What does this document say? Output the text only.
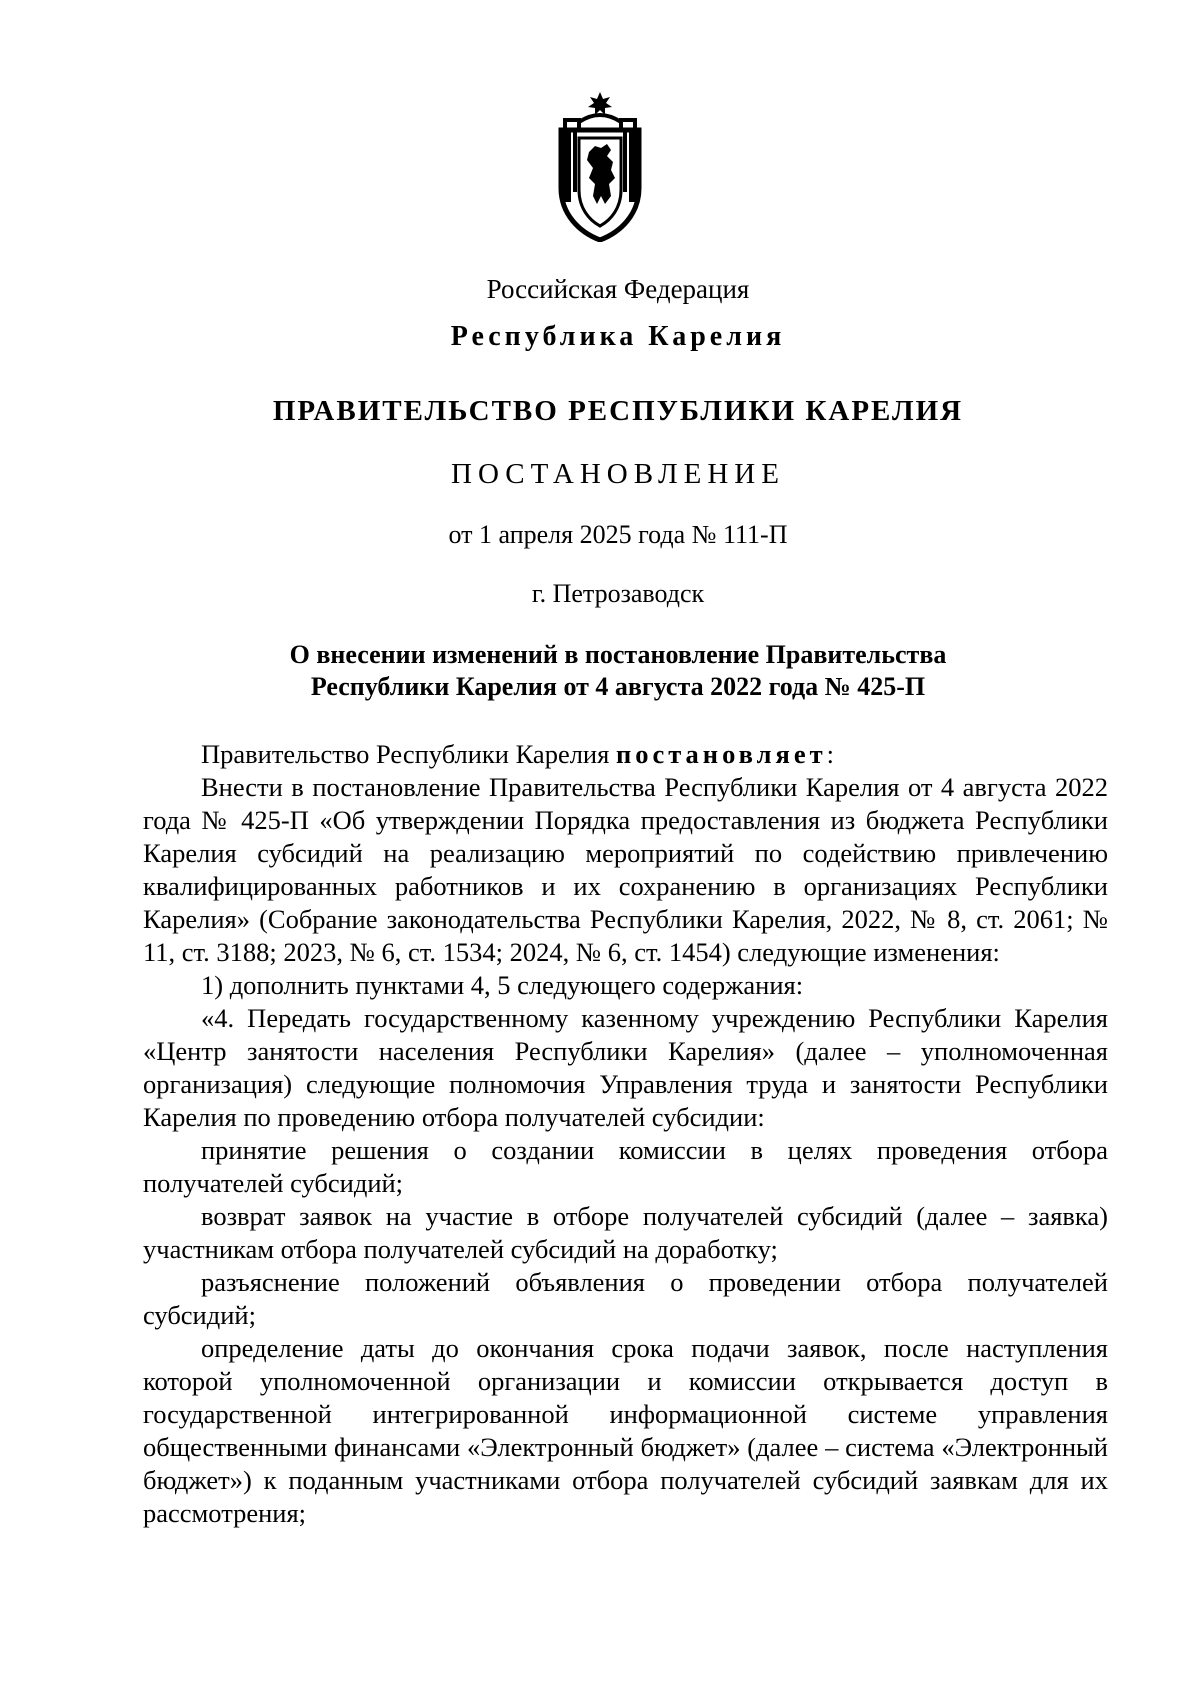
Российская Федерация
Республика Карелия
ПРАВИТЕЛЬСТВО РЕСПУБЛИКИ КАРЕЛИЯ
ПОСТАНОВЛЕНИЕ
от 1 апреля 2025 года № 111-П
г. Петрозаводск
О внесении изменений в постановление Правительства
Республики Карелия от 4 августа 2022 года № 425-П

Правительство Республики Карелия постановляет:

Внести в постановление Правительства Республики Карелия от 4 августа 2022 года № 425-П «Об утверждении Порядка предоставления из бюджета Республики Карелия субсидий на реализацию мероприятий по содействию привлечению квалифицированных работников и их сохранению в организациях Республики Карелия» (Собрание законодательства Республики Карелия, 2022, № 8, ст. 2061; № 11, ст. 3188; 2023, № 6, ст. 1534; 2024, № 6, ст. 1454) следующие изменения:

1) дополнить пунктами 4, 5 следующего содержания:

«4. Передать государственному казенному учреждению Республики Карелия «Центр занятости населения Республики Карелия» (далее – уполномоченная организация) следующие полномочия Управления труда и занятости Республики Карелия по проведению отбора получателей субсидии:

принятие решения о создании комиссии в целях проведения отбора получателей субсидий;

возврат заявок на участие в отборе получателей субсидий (далее – заявка) участникам отбора получателей субсидий на доработку;

разъяснение положений объявления о проведении отбора получателей субсидий;

определение даты до окончания срока подачи заявок, после наступления которой уполномоченной организации и комиссии открывается доступ в государственной интегрированной информационной системе управления общественными финансами «Электронный бюджет» (далее – система «Электронный бюджет») к поданным участниками отбора получателей субсидий заявкам для их рассмотрения;
